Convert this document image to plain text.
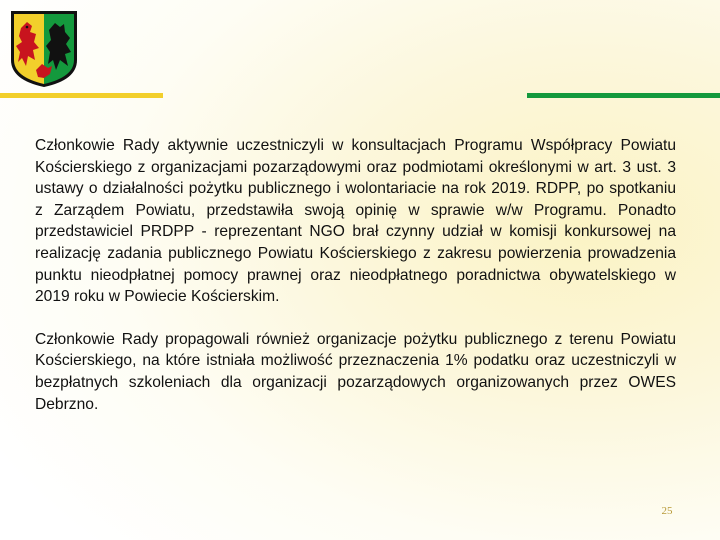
Członkowie Rady aktywnie uczestniczyli w konsultacjach Programu Współpracy Powiatu Kościerskiego z organizacjami pozarządowymi oraz podmiotami określonymi w art. 3 ust. 3 ustawy o działalności pożytku publicznego i wolontariacie na rok 2019. RDPP, po spotkaniu z Zarządem Powiatu, przedstawiła swoją opinię w sprawie w/w Programu. Ponadto przedstawiciel PRDPP - reprezentant NGO brał czynny udział w komisji konkursowej na realizację zadania publicznego Powiatu Kościerskiego z zakresu powierzenia prowadzenia punktu nieodpłatnej pomocy prawnej oraz nieodpłatnego poradnictwa obywatelskiego w 2019 roku w Powiecie Kościerskim.

Członkowie Rady propagowali również organizacje pożytku publicznego z terenu Powiatu Kościerskiego, na które istniała możliwość przeznaczenia 1% podatku oraz uczestniczyli w bezpłatnych szkoleniach dla organizacji pozarządowych organizowanych przez OWES Debrzno.

25
